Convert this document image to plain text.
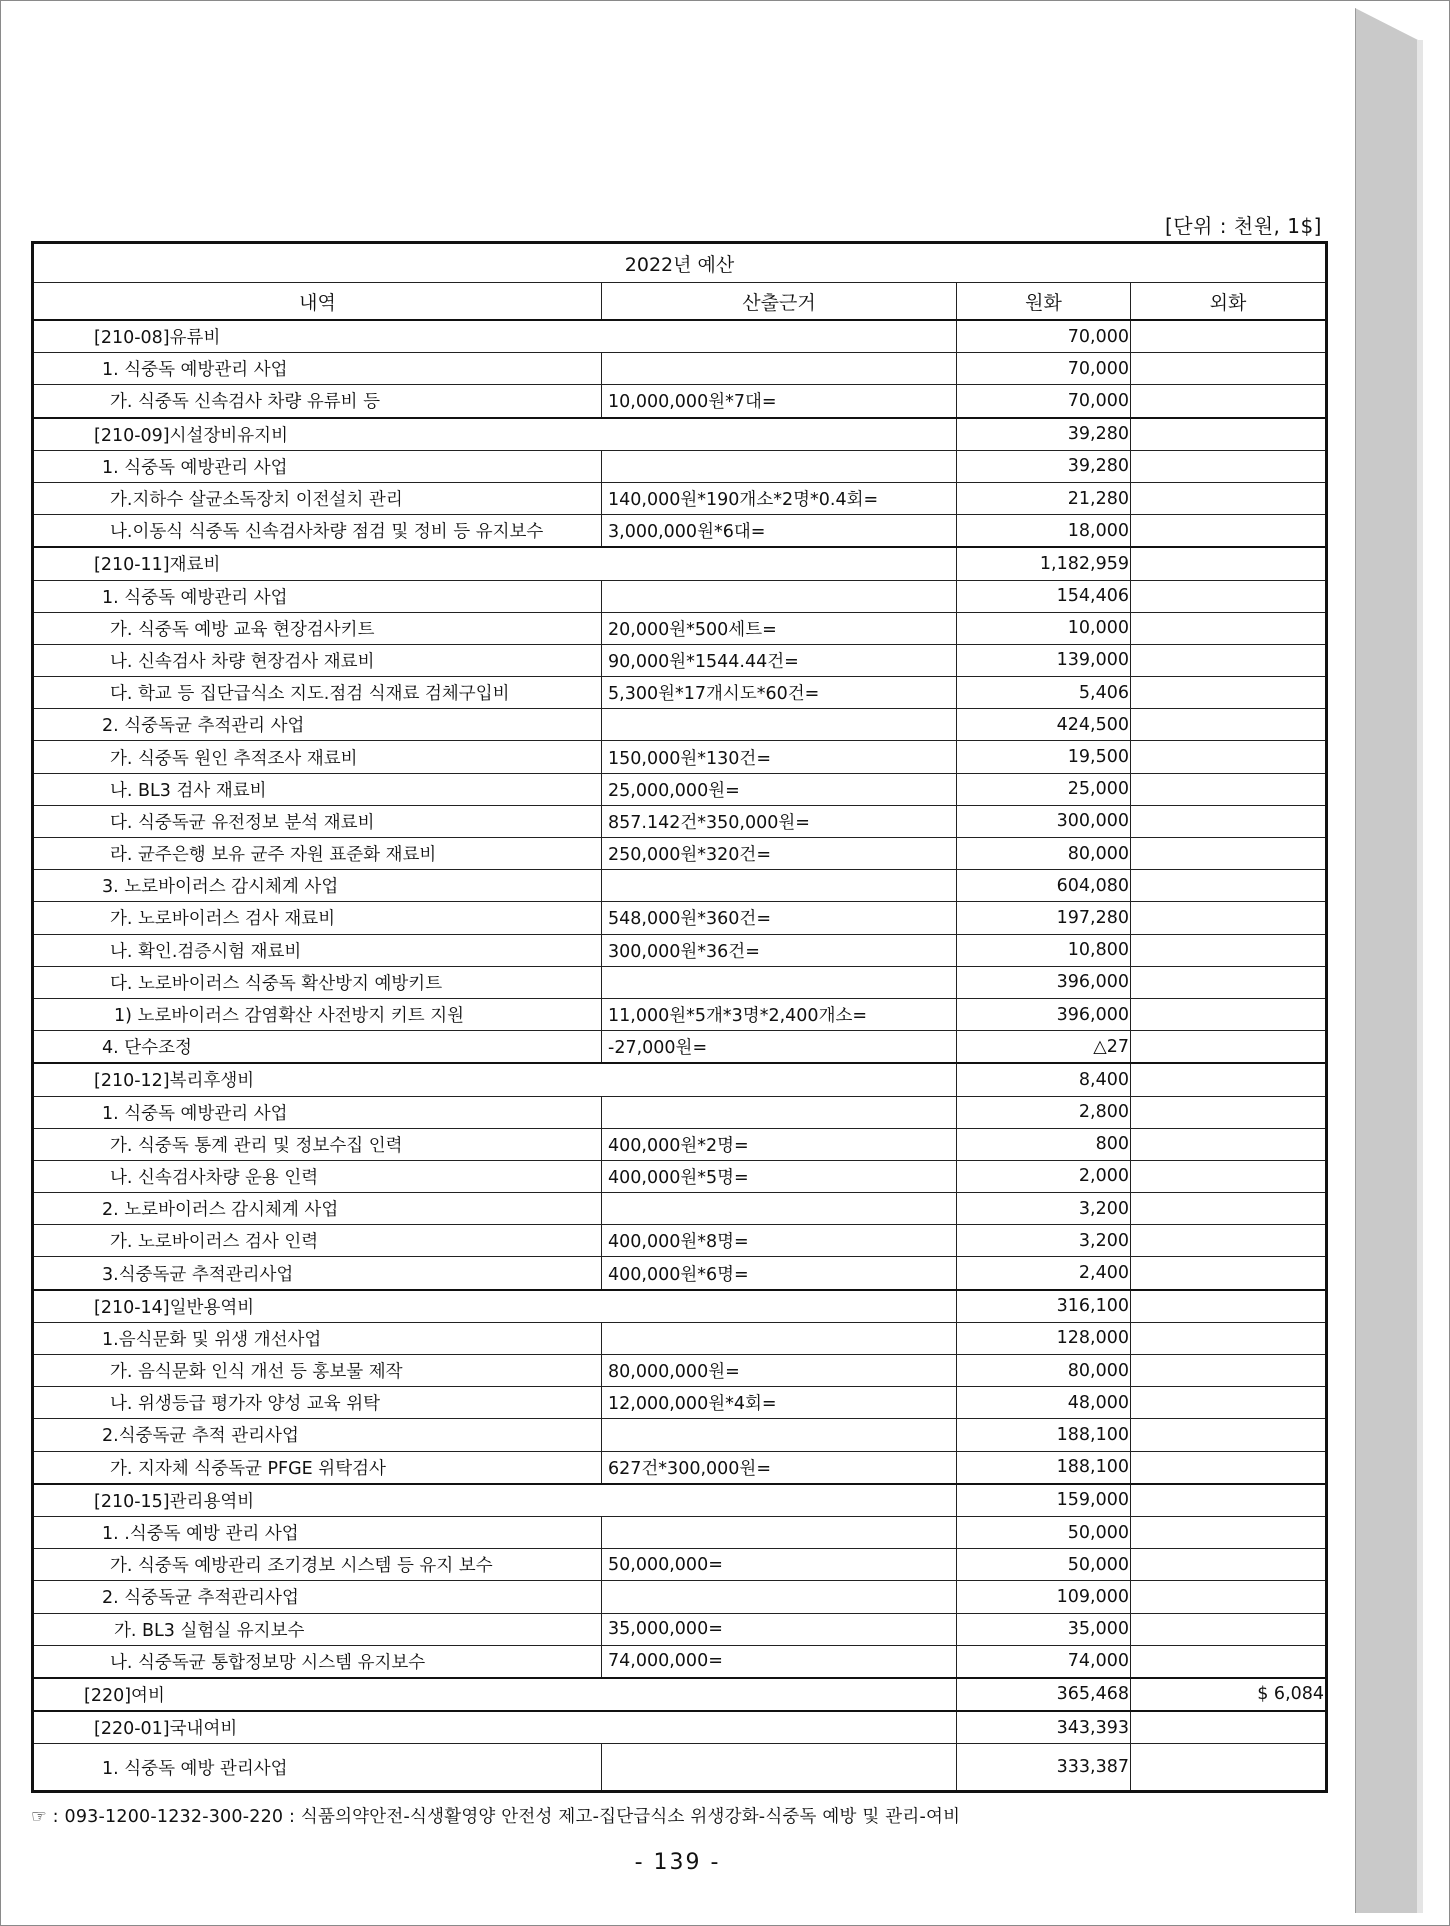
[단위 : 천원, 1$]
2022년 예산			
내역	산출근거	원화	외화
[210-08]유류비		70,000	
1. 식중독 예방관리 사업		70,000	
가. 식중독 신속검사 차량 유류비 등	10,000,000원*7대=	70,000	
[210-09]시설장비유지비		39,280	
1. 식중독 예방관리 사업		39,280	
가.지하수 살균소독장치 이전설치 관리	140,000원*190개소*2명*0.4회=	21,280	
나.이동식 식중독 신속검사차량 점검 및 정비 등 유지보수	3,000,000원*6대=	18,000	
[210-11]재료비		1,182,959	
1. 식중독 예방관리 사업		154,406	
가. 식중독 예방 교육 현장검사키트	20,000원*500세트=	10,000	
나. 신속검사 차량 현장검사 재료비	90,000원*1544.44건=	139,000	
다. 학교 등 집단급식소 지도.점검 식재료 검체구입비	5,300원*17개시도*60건=	5,406	
2. 식중독균 추적관리 사업		424,500	
가. 식중독 원인 추적조사 재료비	150,000원*130건=	19,500	
나. BL3 검사 재료비	25,000,000원=	25,000	
다. 식중독균 유전정보 분석 재료비	857.142건*350,000원=	300,000	
라. 균주은행 보유 균주 자원 표준화 재료비	250,000원*320건=	80,000	
3. 노로바이러스 감시체계 사업		604,080	
가. 노로바이러스 검사 재료비	548,000원*360건=	197,280	
나. 확인.검증시험 재료비	300,000원*36건=	10,800	
다. 노로바이러스 식중독 확산방지 예방키트		396,000	
1) 노로바이러스 감염확산 사전방지 키트 지원	11,000원*5개*3명*2,400개소=	396,000	
4. 단수조정	-27,000원=	△27	
[210-12]복리후생비		8,400	
1. 식중독 예방관리 사업		2,800	
가. 식중독 통계 관리 및 정보수집 인력	400,000원*2명=	800	
나. 신속검사차량 운용 인력	400,000원*5명=	2,000	
2. 노로바이러스 감시체계 사업		3,200	
가. 노로바이러스 검사 인력	400,000원*8명=	3,200	
3.식중독균 추적관리사업	400,000원*6명=	2,400	
[210-14]일반용역비		316,100	
1.음식문화 및 위생 개선사업		128,000	
가. 음식문화 인식 개선 등 홍보물 제작	80,000,000원=	80,000	
나. 위생등급 평가자 양성 교육 위탁	12,000,000원*4회=	48,000	
2.식중독균 추적 관리사업		188,100	
가. 지자체 식중독균 PFGE 위탁검사	627건*300,000원=	188,100	
[210-15]관리용역비		159,000	
1. .식중독 예방 관리 사업		50,000	
가. 식중독 예방관리 조기경보 시스템 등 유지 보수	50,000,000=	50,000	
2. 식중독균 추적관리사업		109,000	
가. BL3 실험실 유지보수	35,000,000=	35,000	
나. 식중독균 통합정보망 시스템 유지보수	74,000,000=	74,000	
[220]여비		365,468	$ 6,084
[220-01]국내여비		343,393	
1. 식중독 예방 관리사업		333,387	
☞ : 093-1200-1232-300-220 : 식품의약안전-식생활영양 안전성 제고-집단급식소 위생강화-식중독 예방 및 관리-여비
- 139 -
